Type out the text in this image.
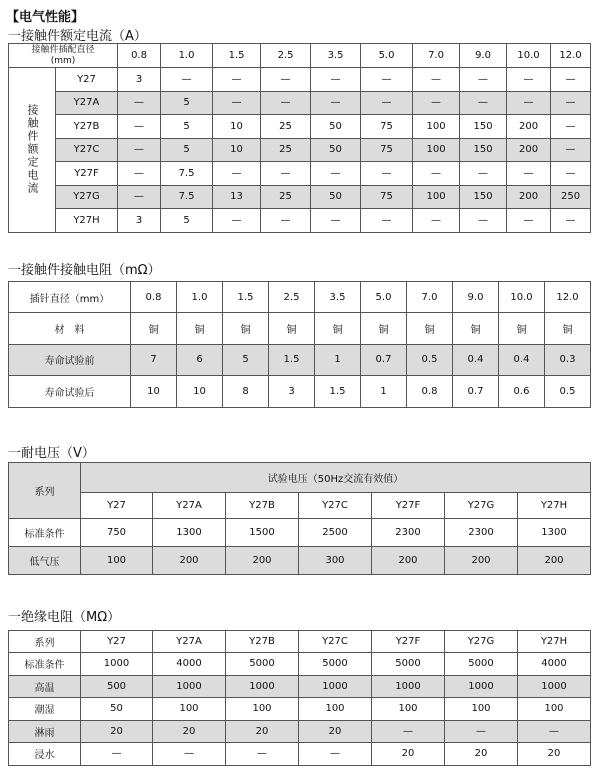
【电气性能】
一接触件额定电流（A）
接触件插配直径
(mm)		0.8	1.0	1.5	2.5	3.5	5.0	7.0	9.0	10.0	12.0
接触件额定电流	Y27	3	—	—	—	—	—	—	—	—	—
	Y27A	—	5	—	—	—	—	—	—	—	—
	Y27B	—	5	10	25	50	75	100	150	200	—
	Y27C	—	5	10	25	50	75	100	150	200	—
	Y27F	—	7.5	—	—	—	—	—	—	—	—
	Y27G	—	7.5	13	25	50	75	100	150	200	250
	Y27H	3	5	—	—	—	—	—	—	—	—
一接触件接触电阻（mΩ）
插针直径（mm）	0.8	1.0	1.5	2.5	3.5	5.0	7.0	9.0	10.0	12.0
材　料	铜	铜	铜	铜	铜	铜	铜	铜	铜	铜
寿命试验前	7	6	5	1.5	1	0.7	0.5	0.4	0.4	0.3
寿命试验后	10	10	8	3	1.5	1	0.8	0.7	0.6	0.5
一耐电压（V）
系列	试验电压（50Hz交流有效值）						
	Y27	Y27A	Y27B	Y27C	Y27F	Y27G	Y27H
标准条件	750	1300	1500	2500	2300	2300	1300
低气压	100	200	200	300	200	200	200
一绝缘电阻（MΩ）
系列	Y27	Y27A	Y27B	Y27C	Y27F	Y27G	Y27H
标准条件	1000	4000	5000	5000	5000	5000	4000
高温	500	1000	1000	1000	1000	1000	1000
潮湿	50	100	100	100	100	100	100
淋雨	20	20	20	20	—	—	—
浸水	—	—	—	—	20	20	20
